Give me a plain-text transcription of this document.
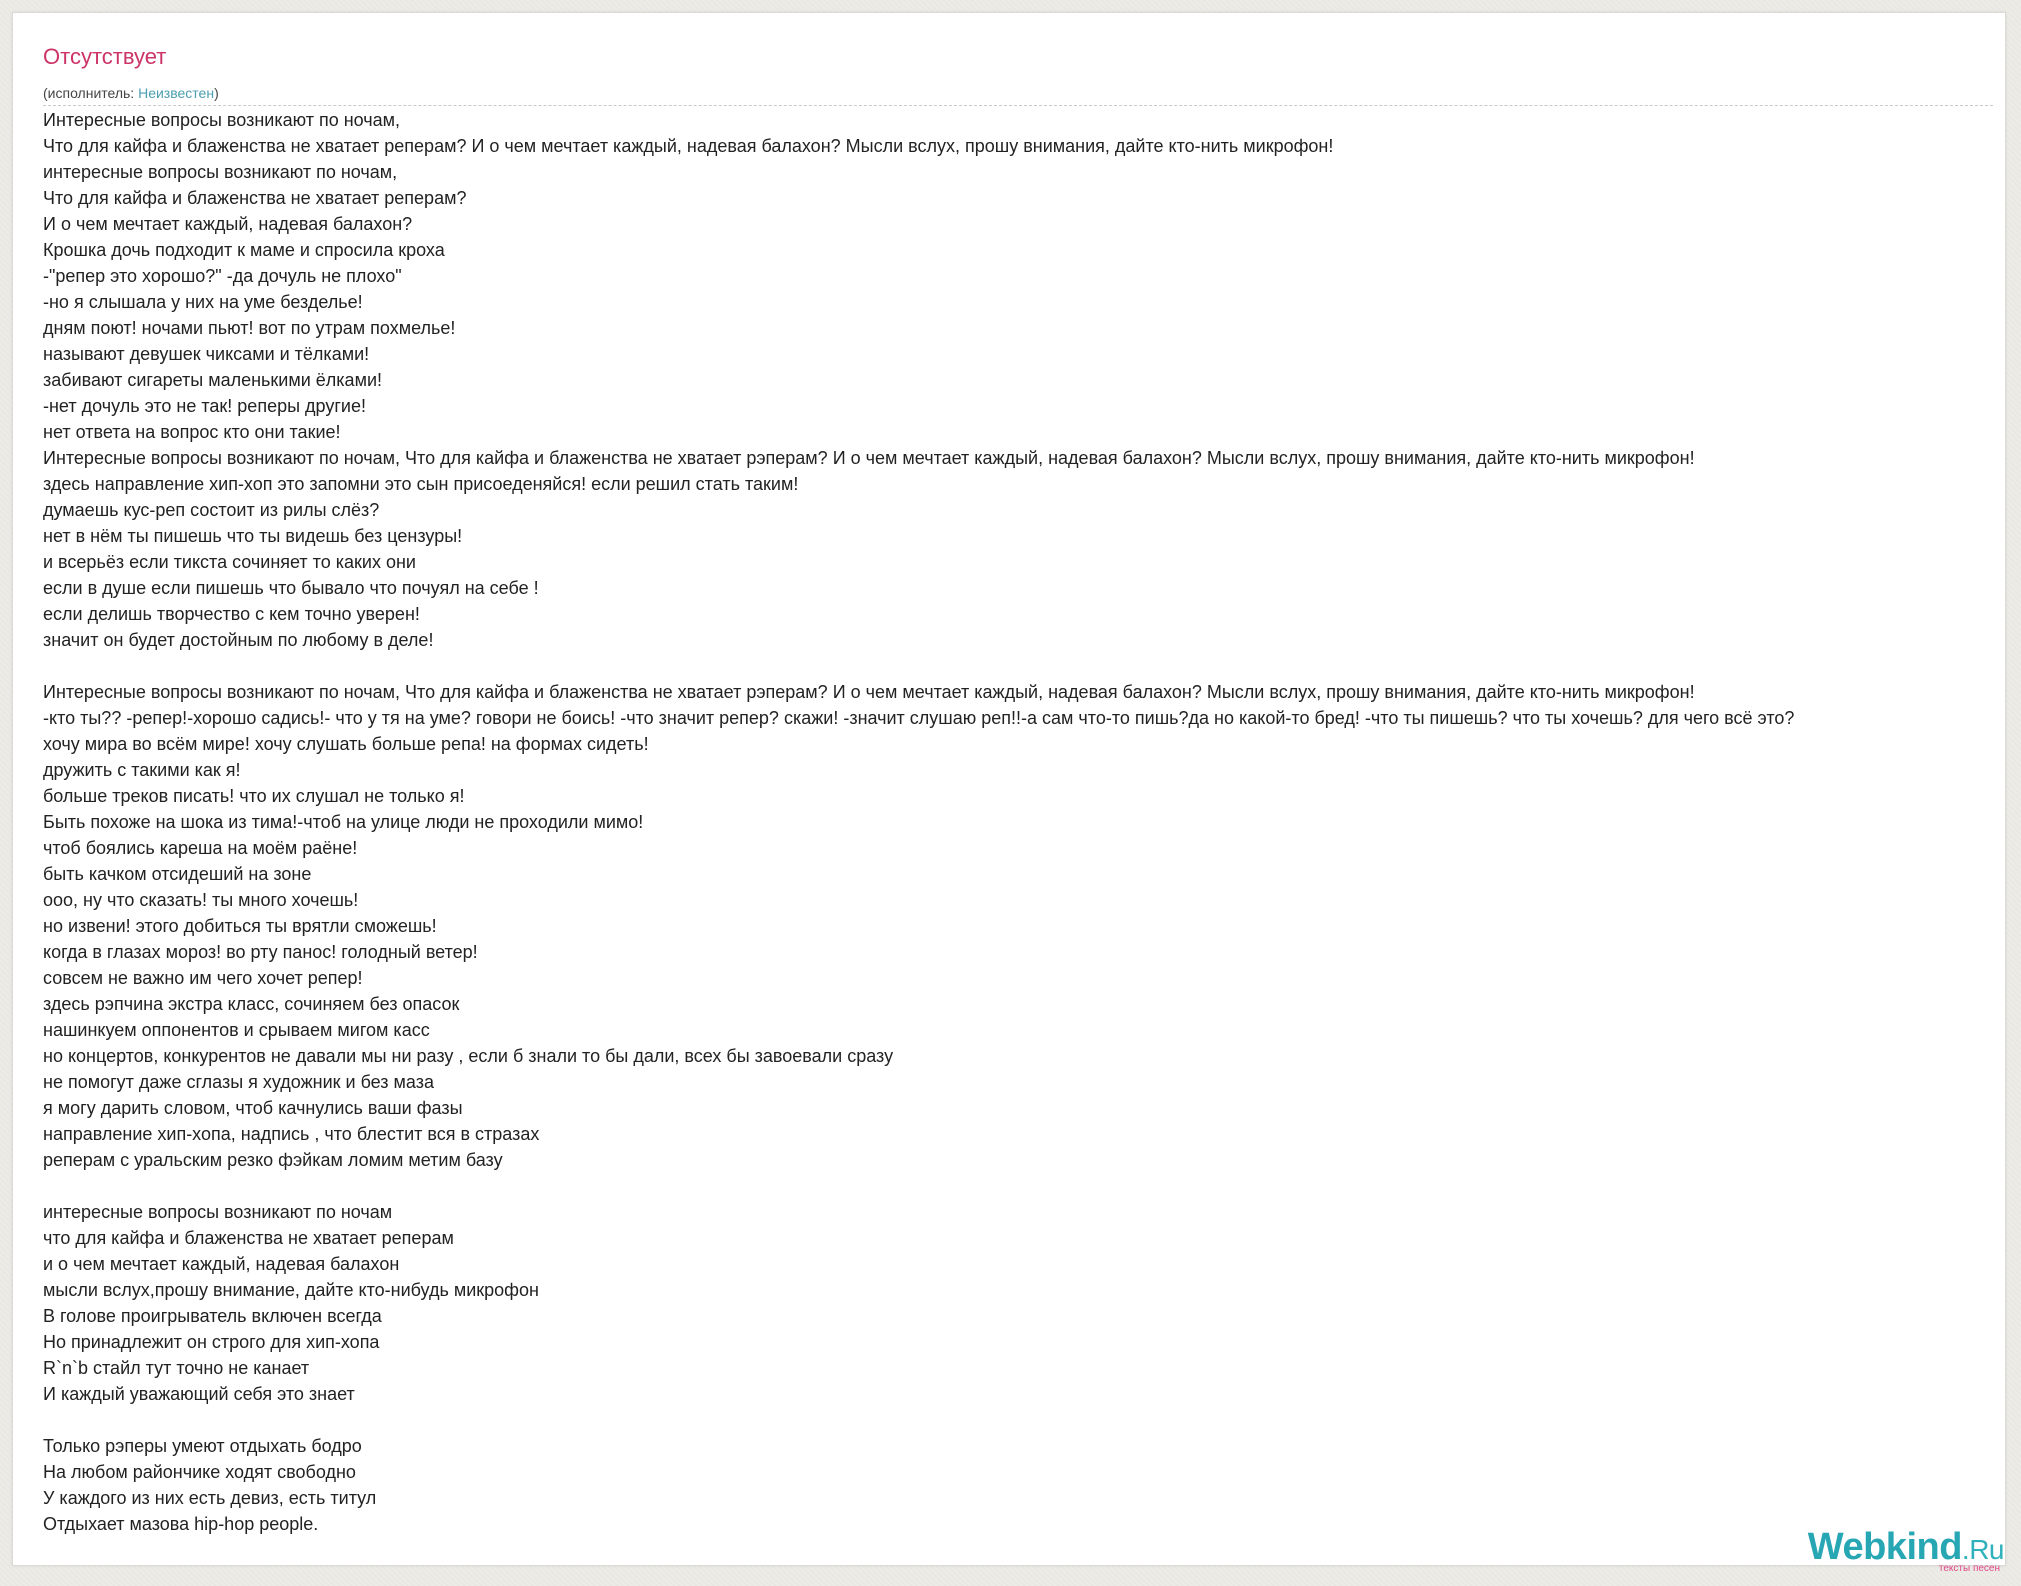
Отсутствует
(исполнитель: Неизвестен)
Интересные вопросы возникают по ночам,
Что для кайфа и блаженства не хватает реперам? И о чем мечтает каждый, надевая балахон? Мысли вслух, прошу внимания, дайте кто-нить микрофон!
интересные вопросы возникают по ночам,
Что для кайфа и блаженства не хватает реперам?
И о чем мечтает каждый, надевая балахон?
Крошка дочь подходит к маме и спросила кроха
-"репер это хорошо?" -да дочуль не плохо"
-но я слышала у них на уме безделье!
дням поют! ночами пьют! вот по утрам похмелье!
называют девушек чиксами и тёлками!
забивают сигареты маленькими ёлками!
-нет дочуль это не так! реперы другие!
нет ответа на вопрос кто они такие!
Интересные вопросы возникают по ночам, Что для кайфа и блаженства не хватает рэперам? И о чем мечтает каждый, надевая балахон? Мысли вслух, прошу внимания, дайте кто-нить микрофон!
здесь направление хип-хоп это запомни это сын присоеденяйся! если решил стать таким!
думаешь кус-реп состоит из рилы слёз?
нет в нём ты пишешь что ты видешь без цензуры!
и всерьёз если тикста сочиняет то каких они
если в душе если пишешь что бывало что почуял на себе !
если делишь творчество с кем точно уверен!
значит он будет достойным по любому в деле!
Интересные вопросы возникают по ночам, Что для кайфа и блаженства не хватает рэперам? И о чем мечтает каждый, надевая балахон? Мысли вслух, прошу внимания, дайте кто-нить микрофон!
-кто ты?? -репер!-хорошо садись!- что у тя на уме? говори не боись! -что значит репер? скажи! -значит слушаю реп!!-а сам что-то пишь?да но какой-то бред! -что ты пишешь? что ты хочешь? для чего всё это?
хочу мира во всём мире! хочу слушать больше репа! на формах сидеть!
дружить с такими как я!
больше треков писать! что их слушал не только я!
Быть похоже на шока из тима!-чтоб на улице люди не проходили мимо!
чтоб боялись кареша на моём раёне!
быть качком отсидеший на зоне
ооо, ну что сказать! ты много хочешь!
но извени! этого добиться ты врятли сможешь!
когда в глазах мороз! во рту панос! голодный ветер!
совсем не важно им чего хочет репер!
здесь рэпчина экстра класс, сочиняем без опасок
нашинкуем оппонентов и срываем мигом касс
но концертов, конкурентов не давали мы ни разу , если б знали то бы дали, всех бы завоевали сразу
не помогут даже сглазы я художник и без маза
я могу дарить словом, чтоб качнулись ваши фазы
направление хип-хопа, надпись , что блестит вся в стразах
реперам с уральским резко фэйкам ломим метим базу
интересные вопросы возникают по ночам
что для кайфа и блаженства не хватает реперам
и о чем мечтает каждый, надевая балахон
мысли вслух,прошу внимание, дайте кто-нибудь микрофон
В голове проигрыватель включен всегда
Но принадлежит он строго для хип-хопа
R`n`b стайл тут точно не канает
И каждый уважающий себя это знает
Только рэперы умеют отдыхать бодро
На любом райончике ходят свободно
У каждого из них есть девиз, есть титул
Отдыхает мазова hip-hop people.
Webkind.Ru
тексты песен
